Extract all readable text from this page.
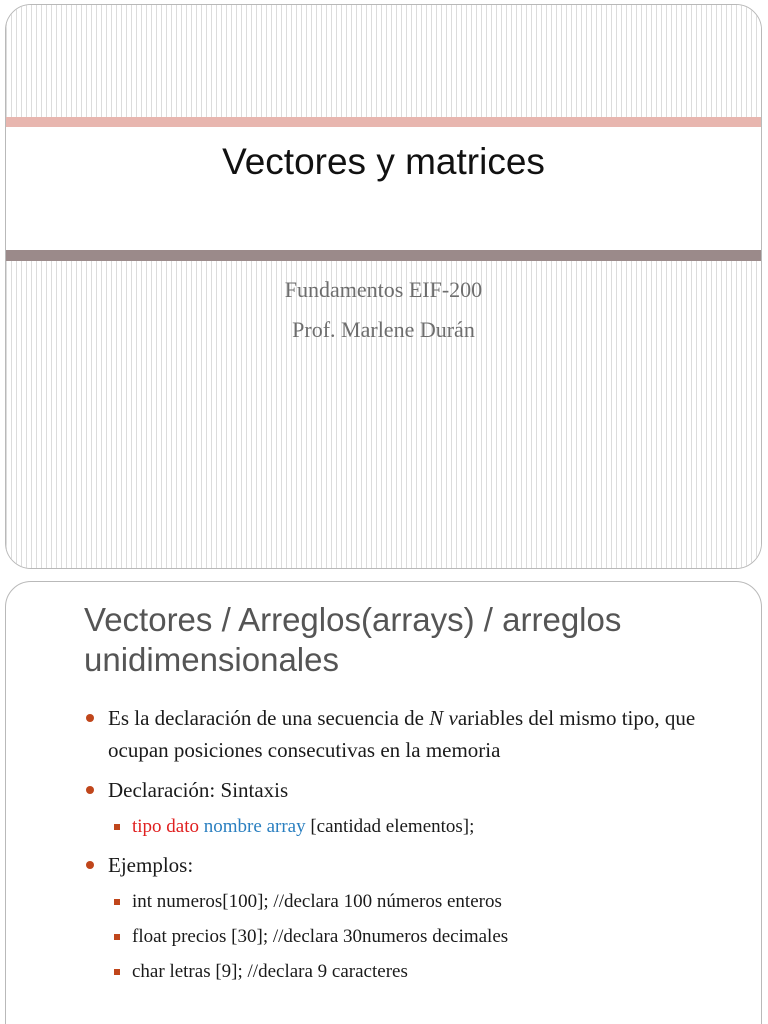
Vectores y matrices
Fundamentos EIF-200
Prof. Marlene Durán
Vectores / Arreglos(arrays) / arreglos
unidimensionales
Es la declaración de una secuencia de N variables del mismo tipo, que ocupan posiciones consecutivas en la memoria
Declaración: Sintaxis
tipo dato nombre array [cantidad elementos];
Ejemplos:
int numeros[100]; //declara 100 números enteros
float precios [30]; //declara 30numeros decimales
char letras [9]; //declara 9 caracteres
